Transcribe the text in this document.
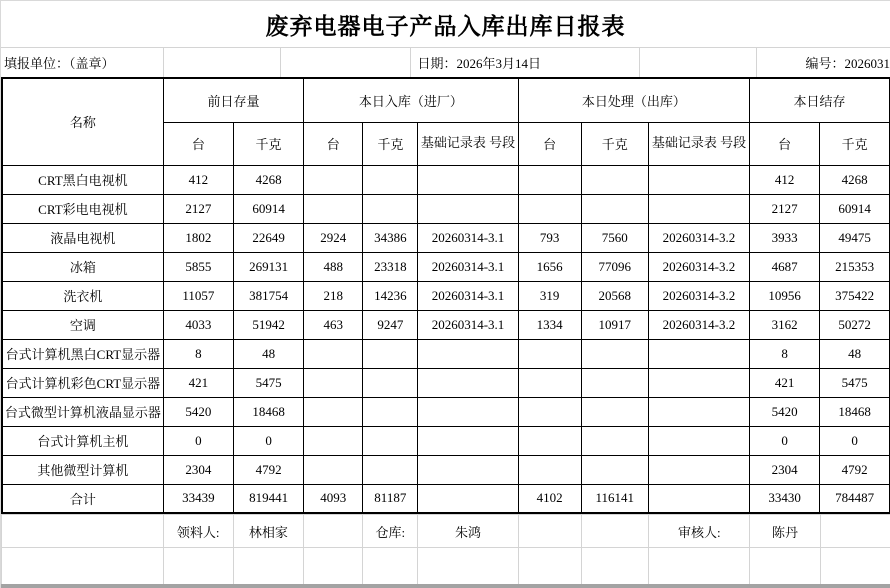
废弃电器电子产品入库出库日报表
填报单位：（盖章）	日期：2026年3月14日	编号：2026031
名称	前日存量		本日入库（进厂）			本日处理（出库）			本日结存	
	台	千克	台	千克	基础记录表 号段	台	千克	基础记录表 号段	台	千克
CRT黑白电视机	412	4268							412	4268
CRT彩电电视机	2127	60914							2127	60914
液晶电视机	1802	22649	2924	34386	20260314-3.1	793	7560	20260314-3.2	3933	49475
冰箱	5855	269131	488	23318	20260314-3.1	1656	77096	20260314-3.2	4687	215353
洗衣机	11057	381754	218	14236	20260314-3.1	319	20568	20260314-3.2	10956	375422
空调	4033	51942	463	9247	20260314-3.1	1334	10917	20260314-3.2	3162	50272
台式计算机黑白CRT显示器	8	48							8	48
台式计算机彩色CRT显示器	421	5475							421	5475
台式微型计算机液晶显示器	5420	18468							5420	18468
台式计算机主机	0	0							0	0
其他微型计算机	2304	4792							2304	4792
合计	33439	819441	4093	81187		4102	116141		33430	784487
	领料人:	林相家		仓库:	朱鸿			审核人:	陈丹	
